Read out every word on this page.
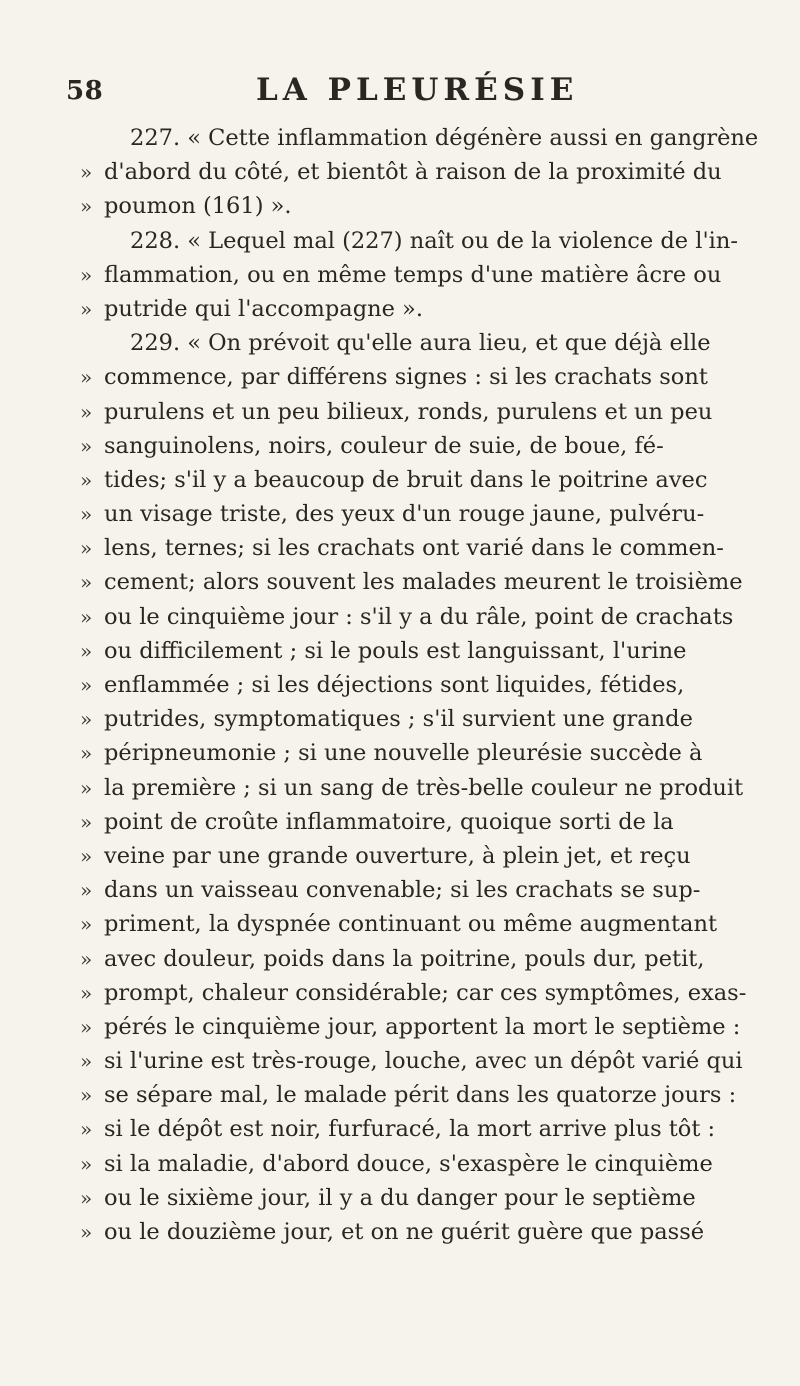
58	LA PLEURÉSIE
227. « Cette inflammation dégénère aussi en gangrène
» d'abord du côté, et bientôt à raison de la proximité du
» poumon (161) ».
228. « Lequel mal (227) naît ou de la violence de l'in-
» flammation, ou en même temps d'une matière âcre ou
» putride qui l'accompagne ».
229. « On prévoit qu'elle aura lieu, et que déjà elle
» commence, par différens signes : si les crachats sont
» purulens et un peu bilieux, ronds, purulens et un peu
» sanguinolens, noirs, couleur de suie, de boue, fé-
» tides; s'il y a beaucoup de bruit dans le poitrine avec
» un visage triste, des yeux d'un rouge jaune, pulvéru-
» lens, ternes; si les crachats ont varié dans le commen-
» cement; alors souvent les malades meurent le troisième
» ou le cinquième jour : s'il y a du râle, point de crachats
» ou difficilement ; si le pouls est languissant, l'urine
» enflammée ; si les déjections sont liquides, fétides,
» putrides, symptomatiques ; s'il survient une grande
» péripneumonie ; si une nouvelle pleurésie succède à
» la première ; si un sang de très-belle couleur ne produit
» point de croûte inflammatoire, quoique sorti de la
» veine par une grande ouverture, à plein jet, et reçu
» dans un vaisseau convenable; si les crachats se sup-
» priment, la dyspnée continuant ou même augmentant
» avec douleur, poids dans la poitrine, pouls dur, petit,
» prompt, chaleur considérable; car ces symptômes, exas-
» pérés le cinquième jour, apportent la mort le septième :
» si l'urine est très-rouge, louche, avec un dépôt varié qui
» se sépare mal, le malade périt dans les quatorze jours :
» si le dépôt est noir, furfuracé, la mort arrive plus tôt :
» si la maladie, d'abord douce, s'exaspère le cinquième
» ou le sixième jour, il y a du danger pour le septième
» ou le douzième jour, et on ne guérit guère que passé
